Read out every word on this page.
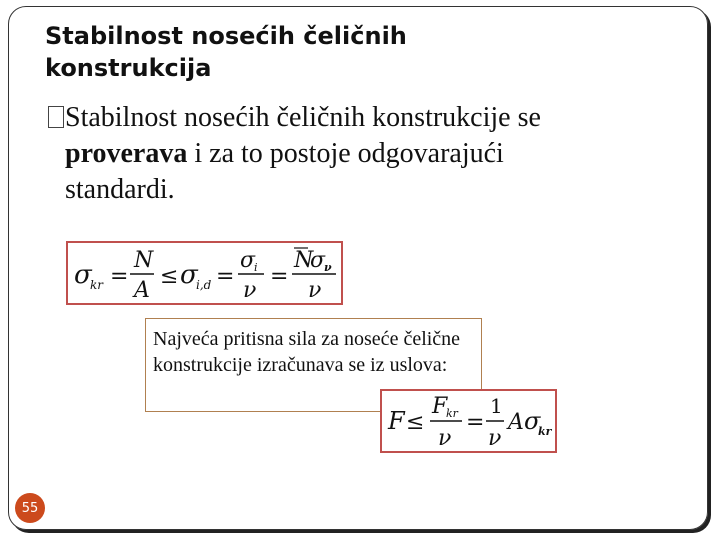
Stabilnost nosećih čeličnih
konstrukcija
Stabilnost nosećih čeličnih konstrukcije se
proverava i za to postoje odgovarajući
standardi.
σ
kr =
N
A
≤ σ
i,d =
σ
i
ν
=
N
σ
ν
ν
Najveća pritisna sila za noseće čelične konstrukcije izračunava se iz uslova:
F ≤
F
kr
ν
=
1
ν
A σ
kr
55
